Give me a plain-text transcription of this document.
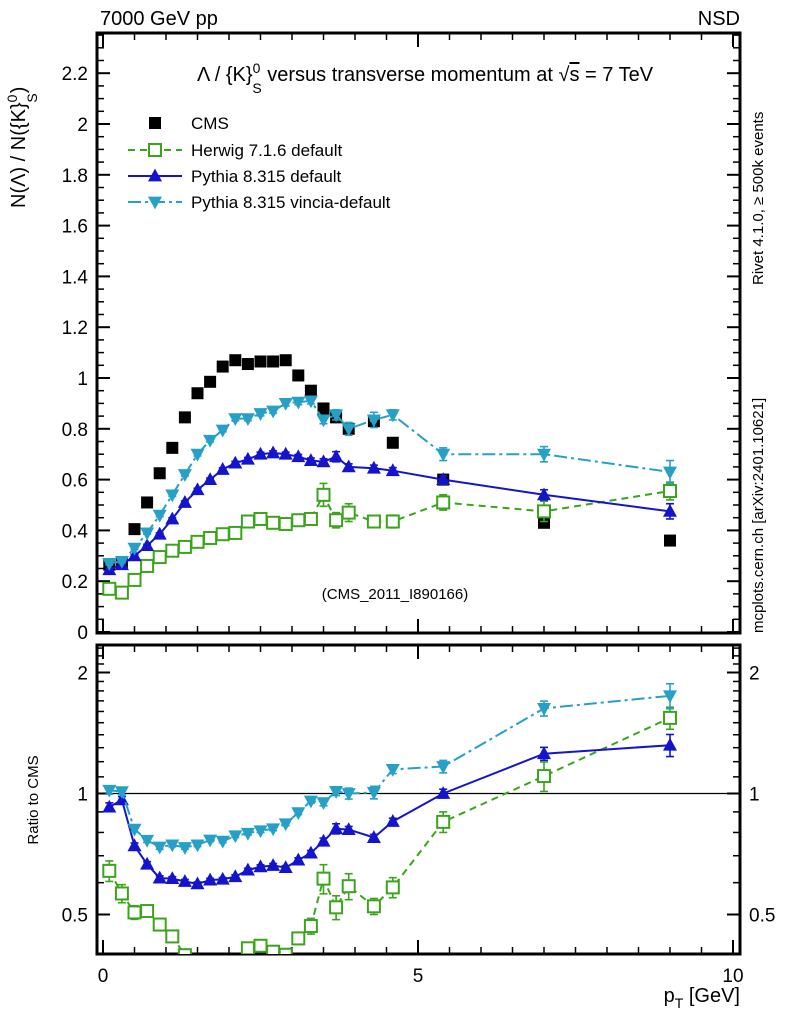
0
0.2
0.4
0.6
0.8
1
1.2
1.4
1.6
1.8
2
2.2
0.5	0.5
1	1
2	2
0	5	10
7000 GeV pp	NSD
Λ / $\{K\}^0$ S versus transverse momentum at √s = 7 TeV
$N(\Lambda) / N(\{K\}^0$ S)
Ratio to CMS
$p_T$ [GeV]
(CMS_2011_I890166)
Rivet 4.1.0, ≥ 500k events
mcplots.cern.ch [arXiv:2401.10621]
CMS
Herwig 7.1.6 default
Pythia 8.315 default
Pythia 8.315 vincia-default
